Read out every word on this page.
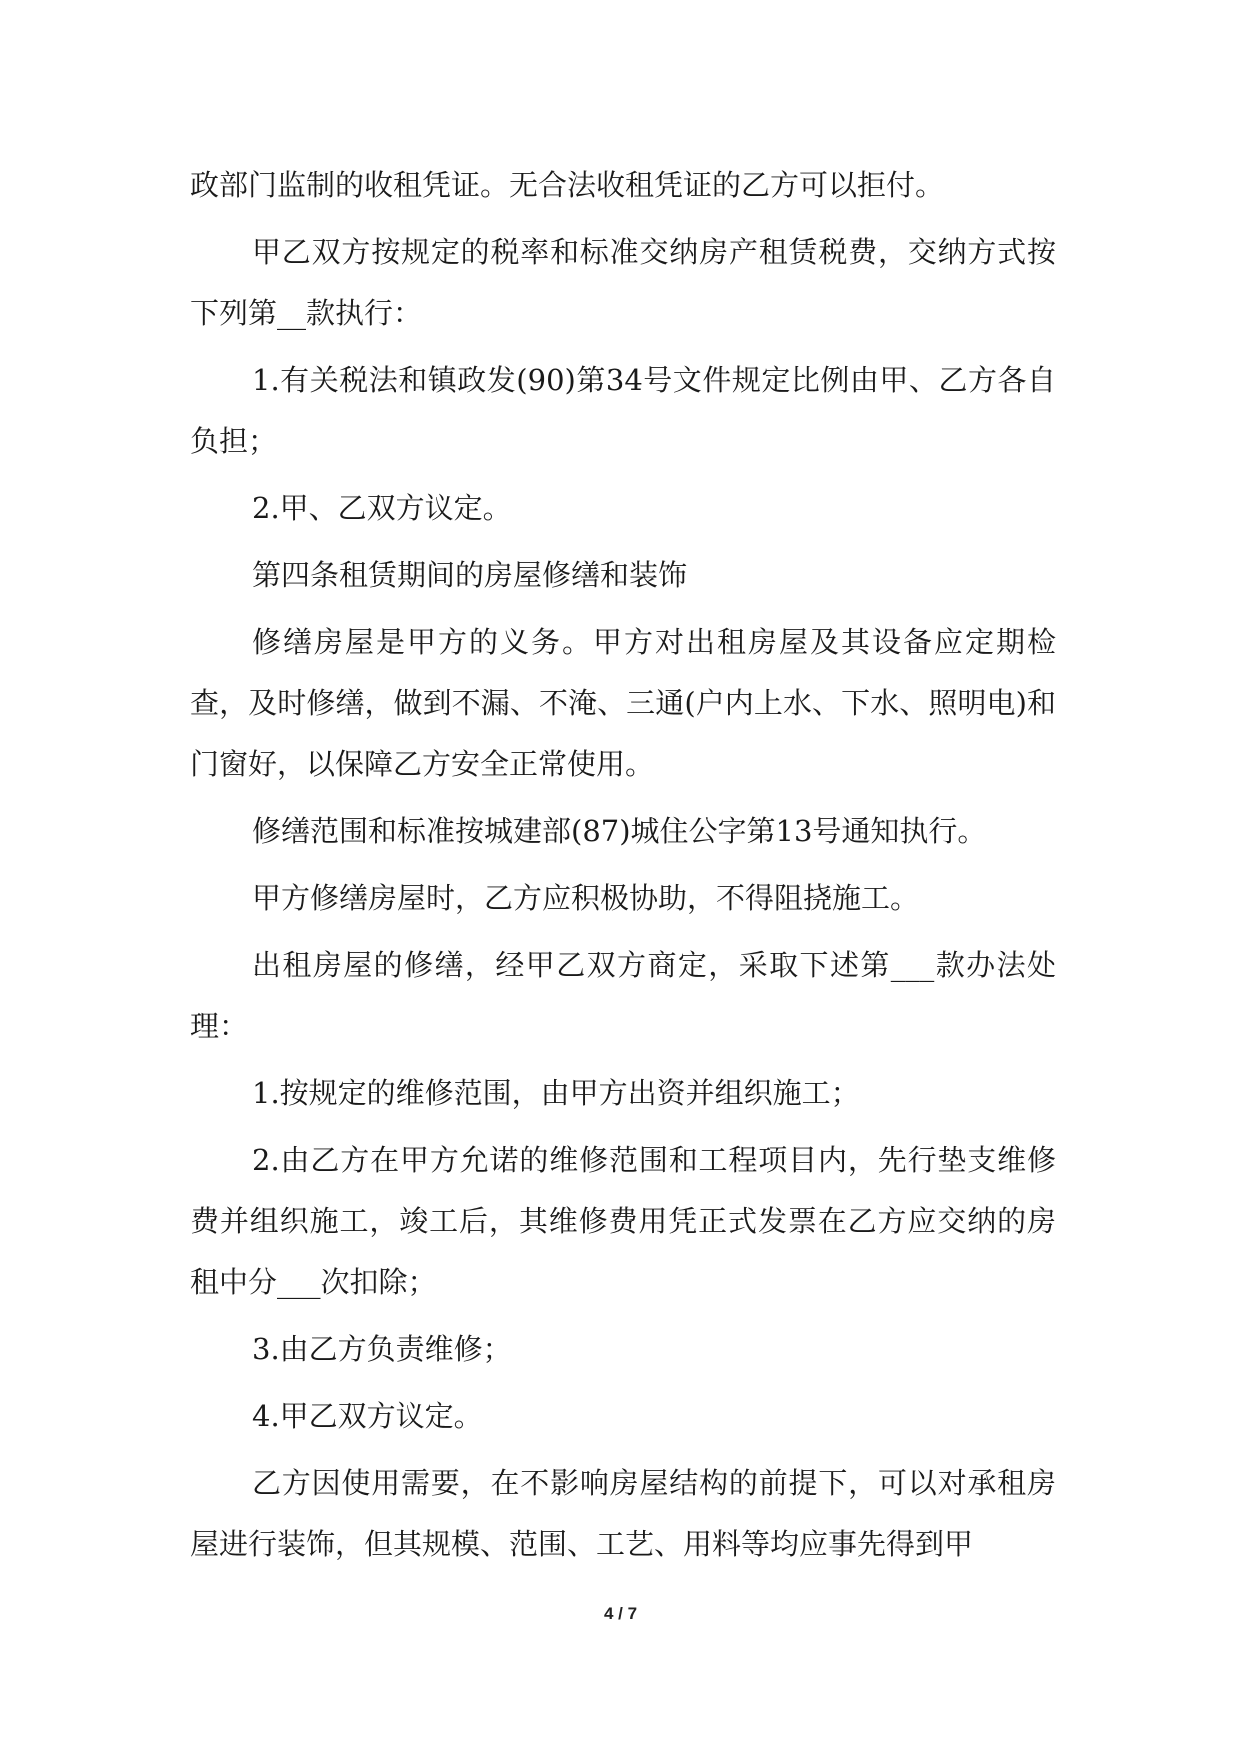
政部门监制的收租凭证。无合法收租凭证的乙方可以拒付。

甲乙双方按规定的税率和标准交纳房产租赁税费，交纳方式按下列第__款执行：

1.有关税法和镇政发(90)第34号文件规定比例由甲、乙方各自负担；

2.甲、乙双方议定。

第四条租赁期间的房屋修缮和装饰

修缮房屋是甲方的义务。甲方对出租房屋及其设备应定期检查，及时修缮，做到不漏、不淹、三通(户内上水、下水、照明电)和门窗好，以保障乙方安全正常使用。

修缮范围和标准按城建部(87)城住公字第13号通知执行。

甲方修缮房屋时，乙方应积极协助，不得阻挠施工。

出租房屋的修缮，经甲乙双方商定，采取下述第___款办法处理：

1.按规定的维修范围，由甲方出资并组织施工；

2.由乙方在甲方允诺的维修范围和工程项目内，先行垫支维修费并组织施工，竣工后，其维修费用凭正式发票在乙方应交纳的房租中分___次扣除；

3.由乙方负责维修；

4.甲乙双方议定。

乙方因使用需要，在不影响房屋结构的前提下，可以对承租房屋进行装饰，但其规模、范围、工艺、用料等均应事先得到甲

4 / 7
